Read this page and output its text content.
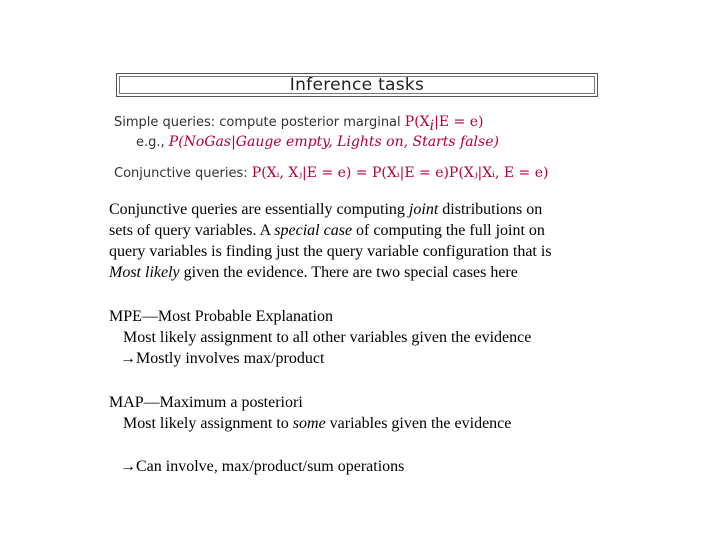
Inference tasks
Simple queries: compute posterior marginal $P(X_i|E = e)$
e.g., P(NoGas|Gauge empty, Lights on, Starts false)
Conjunctive queries: P(Xᵢ, Xⱼ|E = e) = P(Xᵢ|E = e)P(Xⱼ|Xᵢ, E = e)
Conjunctive queries are essentially computing joint distributions on
sets of query variables. A special case of computing the full joint on
query variables is finding just the query variable configuration that is
Most likely given the evidence. There are two special cases here
MPE—Most Probable Explanation
Most likely assignment to all other variables given the evidence
→Mostly involves max/product
MAP—Maximum a posteriori
Most likely assignment to some variables given the evidence
→Can involve, max/product/sum operations
